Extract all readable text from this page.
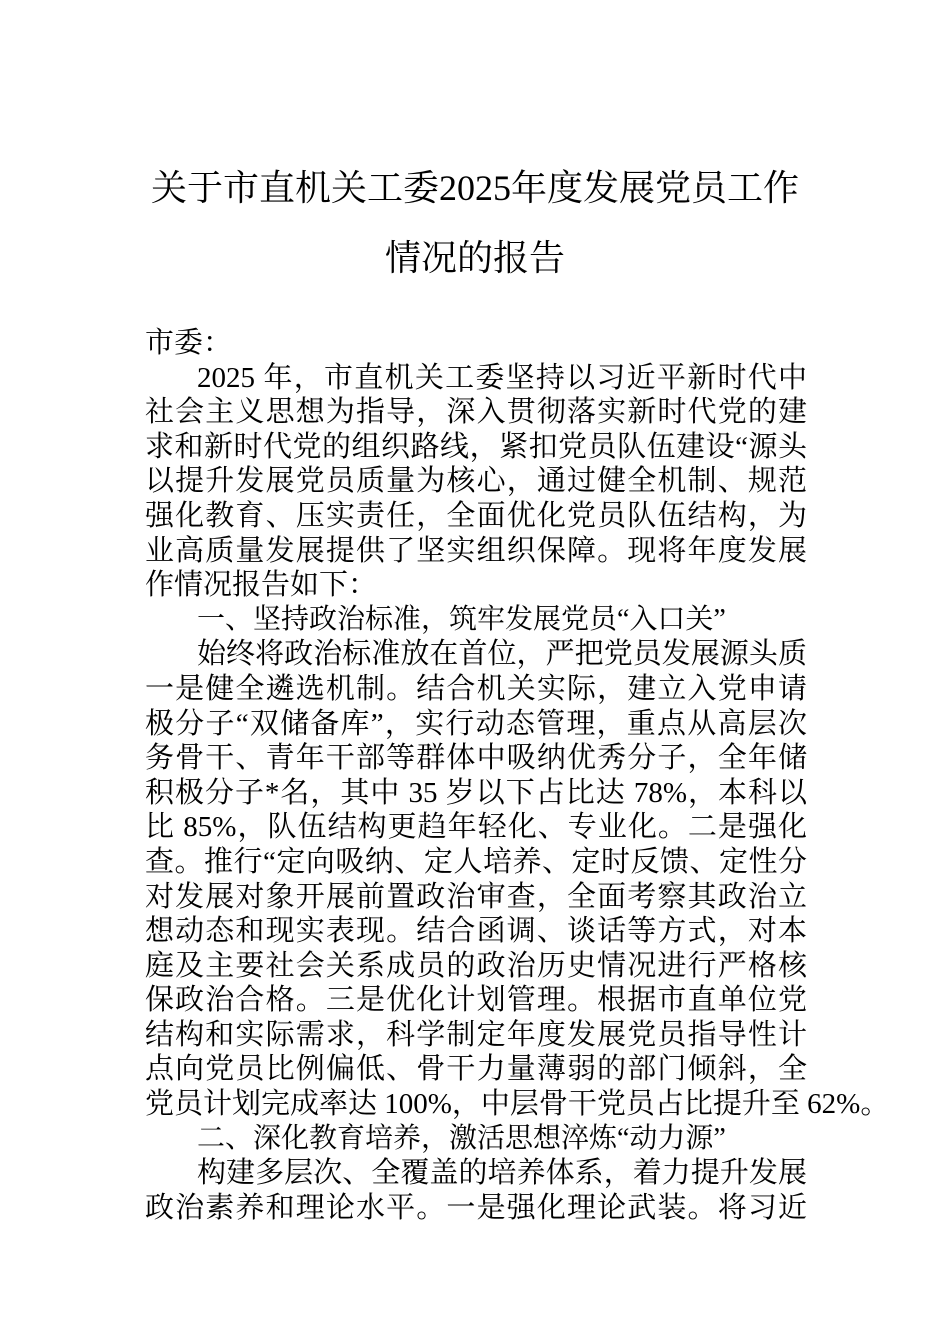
关于市直机关工委2025年度发展党员工作
情况的报告
市委：
2025 年，市直机关工委坚持以习近平新时代中
社会主义思想为指导，深入贯彻落实新时代党的建
求和新时代党的组织路线，紧扣党员队伍建设“源头
以提升发展党员质量为核心，通过健全机制、规范
强化教育、压实责任，全面优化党员队伍结构，为
业高质量发展提供了坚实组织保障。现将年度发展
作情况报告如下：
一、坚持政治标准，筑牢发展党员“入口关”
始终将政治标准放在首位，严把党员发展源头质
一是健全遴选机制。结合机关实际，建立入党申请
极分子“双储备库”，实行动态管理，重点从高层次
务骨干、青年干部等群体中吸纳优秀分子，全年储
积极分子*名，其中 35 岁以下占比达 78%，本科以
比 85%，队伍结构更趋年轻化、专业化。二是强化
查。推行“定向吸纳、定人培养、定时反馈、定性分
对发展对象开展前置政治审查，全面考察其政治立
想动态和现实表现。结合函调、谈话等方式，对本
庭及主要社会关系成员的政治历史情况进行严格核
保政治合格。三是优化计划管理。根据市直单位党
结构和实际需求，科学制定年度发展党员指导性计
点向党员比例偏低、骨干力量薄弱的部门倾斜，全
党员计划完成率达 100%，中层骨干党员占比提升至 62%。
二、深化教育培养，激活思想淬炼“动力源”
构建多层次、全覆盖的培养体系，着力提升发展
政治素养和理论水平。一是强化理论武装。将习近
